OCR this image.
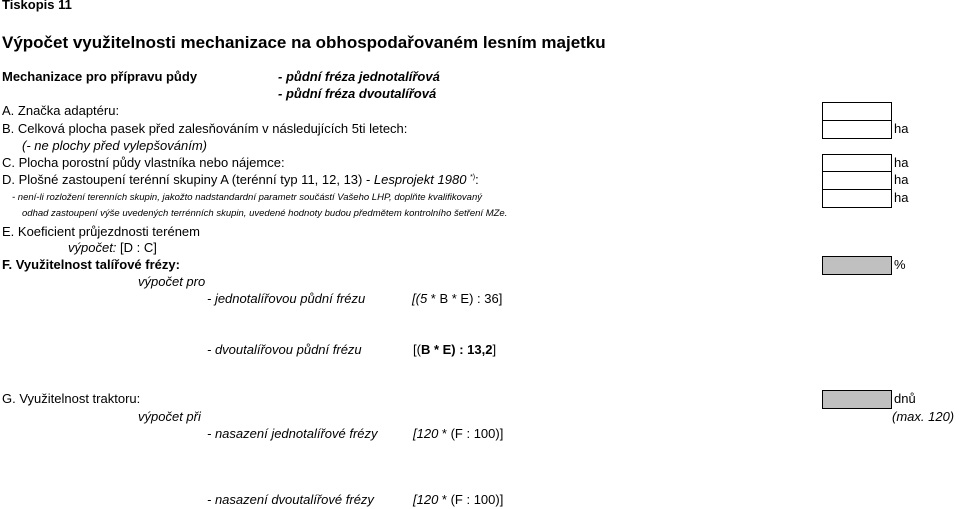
Tiskopis 11
Výpočet využitelnosti mechanizace na obhospodařovaném lesním majetku
Mechanizace pro přípravu půdy	- půdní fréza jednotalířová
- půdní fréza dvoutalířová
A. Značka adaptéru:
B. Celková plocha pasek před zalesňováním v následujících 5ti letech:	ha
(- ne plochy před vylepšováním)
C. Plocha porostní půdy vlastníka nebo nájemce:	ha
D. Plošné zastoupení terénní skupiny A (terénní typ 11, 12, 13) - Lesprojekt 1980 *):	ha
- není-li rozložení terenních skupin, jakožto nadstandardní parametr součástí Vašeho LHP, doplňte kvalifikovaný	ha
odhad zastoupení výše uvedených terrénních skupin, uvedené hodnoty budou předmětem kontrolního šetření MZe.
E. Koeficient průjezdnosti terénem
výpočet: [D : C]
F. Využitelnost talířové frézy:	%
výpočet pro
- jednotalířovou půdní frézu	[(5 * B * E) : 36]
- dvoutalířovou půdní frézu	[(B * E) : 13,2]
G. Využitelnost traktoru:	dnů
výpočet při	(max. 120)
- nasazení jednotalířové frézy	[120 * (F : 100)]
- nasazení dvoutalířové frézy	[120 * (F : 100)]
